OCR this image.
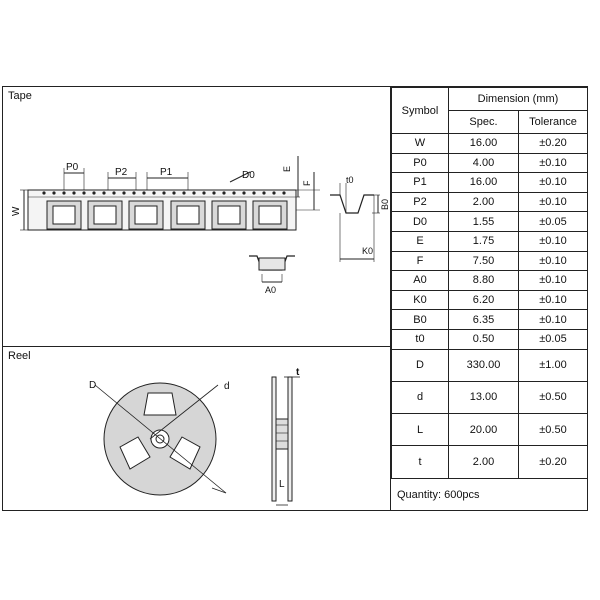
Tape
Reel
P0	P2	P1	D0
E
F
W
t0
B0
K0
A0
D	d
t
L
Symbol	Dimension (mm)	
	Spec.	Tolerance
W	16.00	±0.20
P0	4.00	±0.10
P1	16.00	±0.10
P2	2.00	±0.10
D0	1.55	±0.05
E	1.75	±0.10
F	7.50	±0.10
A0	8.80	±0.10
K0	6.20	±0.10
B0	6.35	±0.10
t0	0.50	±0.05
D	330.00	±1.00
d	13.00	±0.50
L	20.00	±0.50
t	2.00	±0.20
Quantity: 600pcs
